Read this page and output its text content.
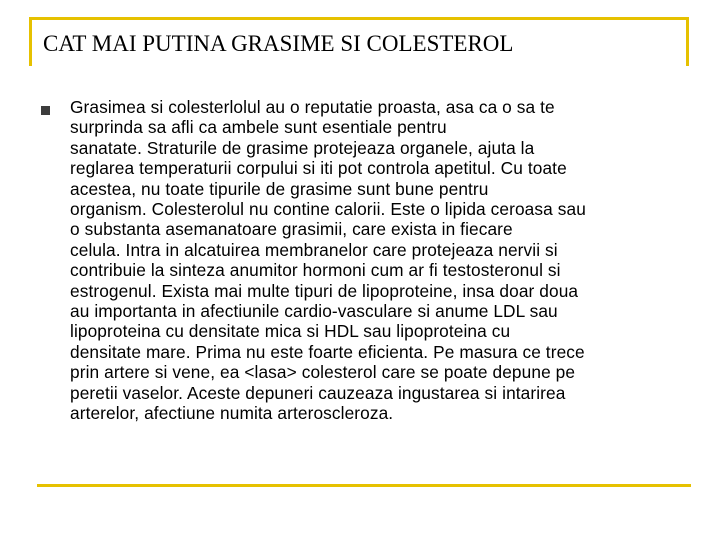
CAT MAI PUTINA GRASIME SI COLESTEROL
Grasimea si colesterlolul au o reputatie proasta, asa ca o sa te
surprinda sa afli ca ambele sunt esentiale pentru
sanatate. Straturile de grasime protejeaza organele, ajuta la
reglarea temperaturii corpului si iti pot controla apetitul. Cu toate
acestea, nu toate tipurile de grasime sunt bune pentru
organism. Colesterolul nu contine calorii. Este o lipida ceroasa sau
o substanta asemanatoare grasimii, care exista in fiecare
celula. Intra in alcatuirea membranelor care protejeaza nervii si
contribuie la sinteza anumitor hormoni cum ar fi testosteronul si
estrogenul. Exista mai multe tipuri de lipoproteine, insa doar doua
au importanta in afectiunile cardio-vasculare si anume LDL sau
lipoproteina cu densitate mica si HDL sau lipoproteina cu
densitate mare. Prima nu este foarte eficienta. Pe masura ce trece
prin artere si vene, ea <lasa> colesterol care se poate depune pe
peretii vaselor. Aceste depuneri cauzeaza ingustarea si intarirea
arterelor, afectiune numita arteroscleroza.
